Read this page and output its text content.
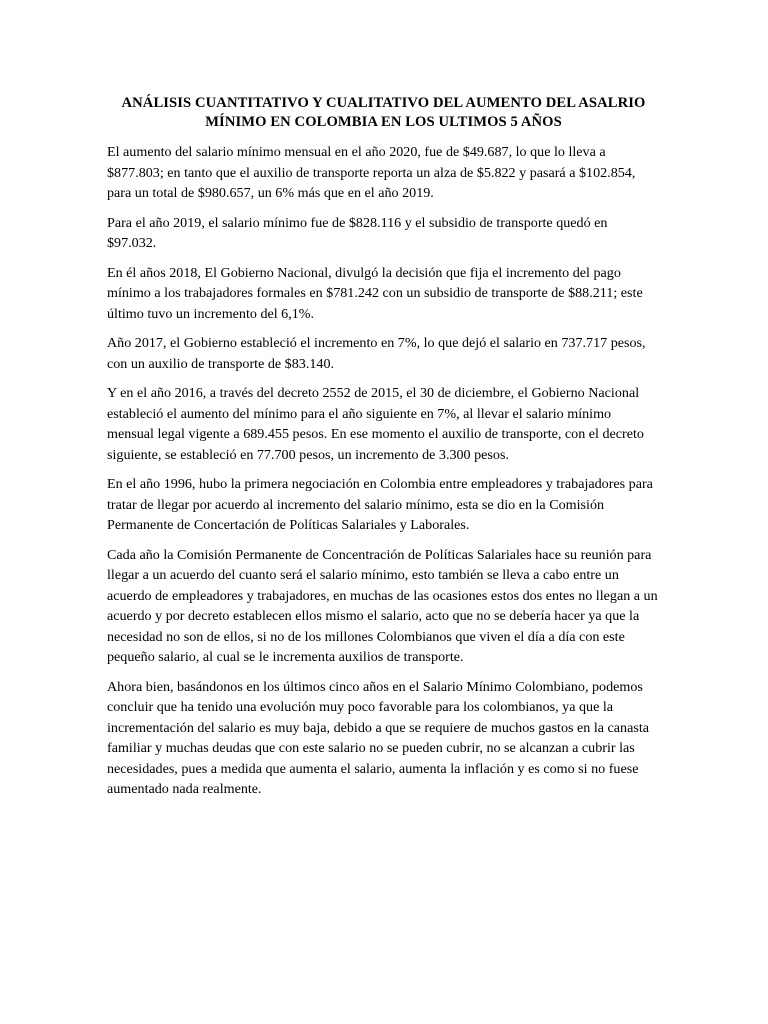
ANÁLISIS CUANTITATIVO Y CUALITATIVO DEL AUMENTO DEL ASALRIO MÍNIMO EN COLOMBIA EN LOS ULTIMOS 5 AÑOS

El aumento del salario mínimo mensual en el año 2020, fue de $49.687, lo que lo lleva a $877.803; en tanto que el auxilio de transporte reporta un alza de $5.822 y pasará a $102.854, para un total de $980.657, un 6% más que en el año 2019.

Para el año 2019, el salario mínimo fue de $828.116 y el subsidio de transporte quedó en $97.032.

En él años 2018, El Gobierno Nacional, divulgó la decisión que fija el incremento del pago mínimo a los trabajadores formales en $781.242 con un subsidio de transporte de $88.211; este último tuvo un incremento del 6,1%.

Año 2017, el Gobierno estableció el incremento en 7%, lo que dejó el salario en 737.717 pesos, con un auxilio de transporte de $83.140.

Y en el año 2016, a través del decreto 2552 de 2015, el 30 de diciembre, el Gobierno Nacional estableció el aumento del mínimo para el año siguiente en 7%, al llevar el salario mínimo mensual legal vigente a 689.455 pesos. En ese momento el auxilio de transporte, con el decreto siguiente, se estableció en 77.700 pesos, un incremento de 3.300 pesos.

En el año 1996, hubo la primera negociación en Colombia entre empleadores y trabajadores para tratar de llegar por acuerdo al incremento del salario mínimo, esta se dio en la Comisión Permanente de Concertación de Políticas Salariales y Laborales.

Cada año la Comisión Permanente de Concentración de Políticas Salariales hace su reunión para llegar a un acuerdo del cuanto será el salario mínimo, esto también se lleva a cabo entre un acuerdo de empleadores y trabajadores, en muchas de las ocasiones estos dos entes no llegan a un acuerdo y por decreto establecen ellos mismo el salario, acto que no se debería hacer ya que la necesidad no son de ellos, si no de los millones Colombianos que viven el día a día con este pequeño salario, al cual se le incrementa auxilios de transporte.

Ahora bien, basándonos en los últimos cinco años en el Salario Mínimo Colombiano, podemos concluir que ha tenido una evolución muy poco favorable para los colombianos, ya que la incrementación del salario es muy baja, debido a que se requiere de muchos gastos en la canasta familiar y muchas deudas que con este salario no se pueden cubrir, no se alcanzan a cubrir las necesidades, pues a medida que aumenta el salario, aumenta la inflación y es como si no fuese aumentado nada realmente.
